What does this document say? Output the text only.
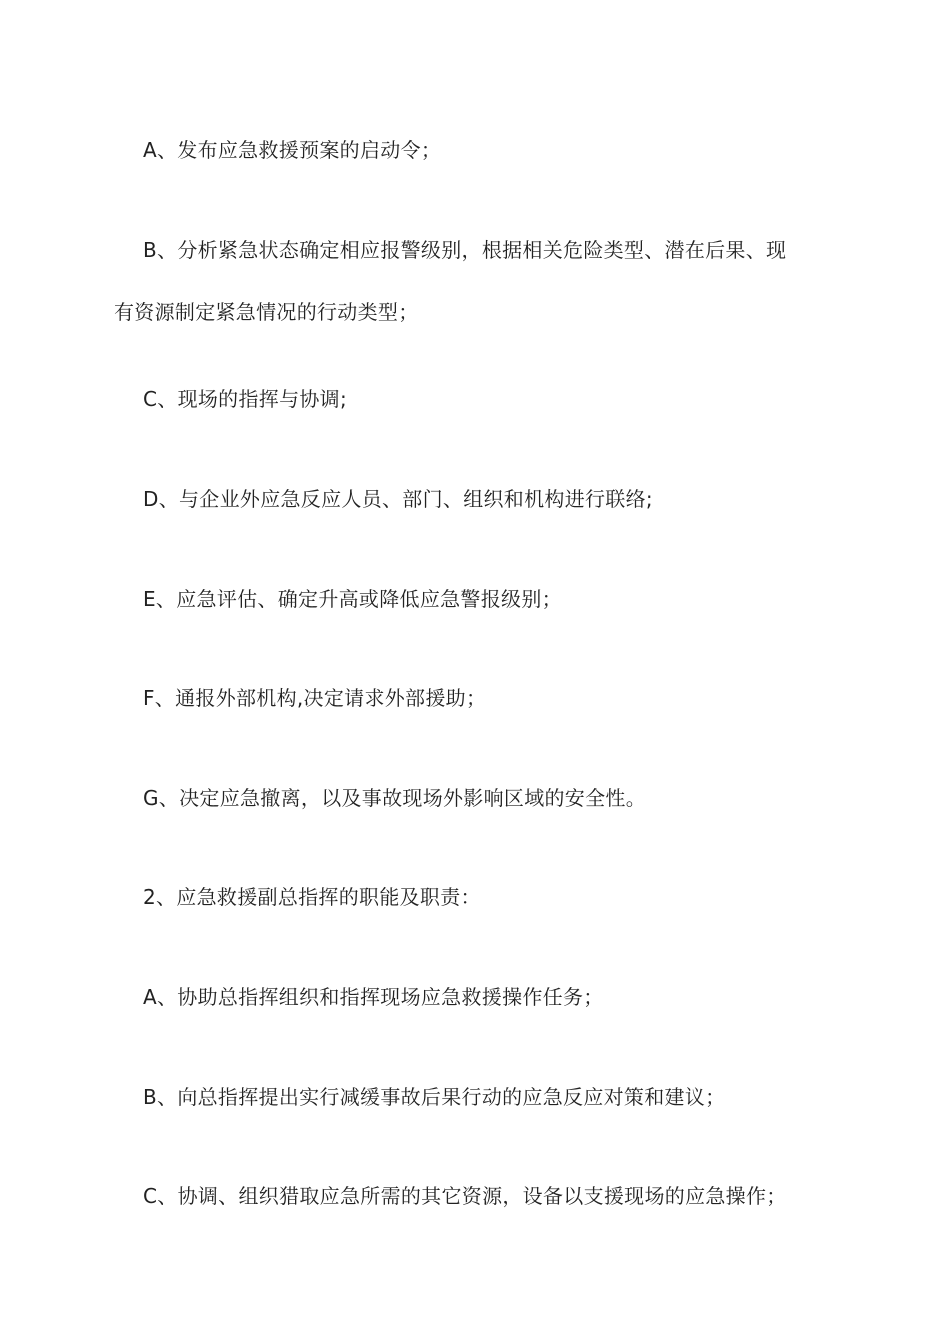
A、发布应急救援预案的启动令；
B、分析紧急状态确定相应报警级别，根据相关危险类型、潜在后果、现
有资源制定紧急情况的行动类型；
C、现场的指挥与协调;
D、与企业外应急反应人员、部门、组织和机构进行联络;
E、应急评估、确定升高或降低应急警报级别；
F、通报外部机构,决定请求外部援助；
G、决定应急撤离，以及事故现场外影响区域的安全性。
2、应急救援副总指挥的职能及职责：
A、协助总指挥组织和指挥现场应急救援操作任务；
B、向总指挥提出实行减缓事故后果行动的应急反应对策和建议；
C、协调、组织猎取应急所需的其它资源，设备以支援现场的应急操作；
